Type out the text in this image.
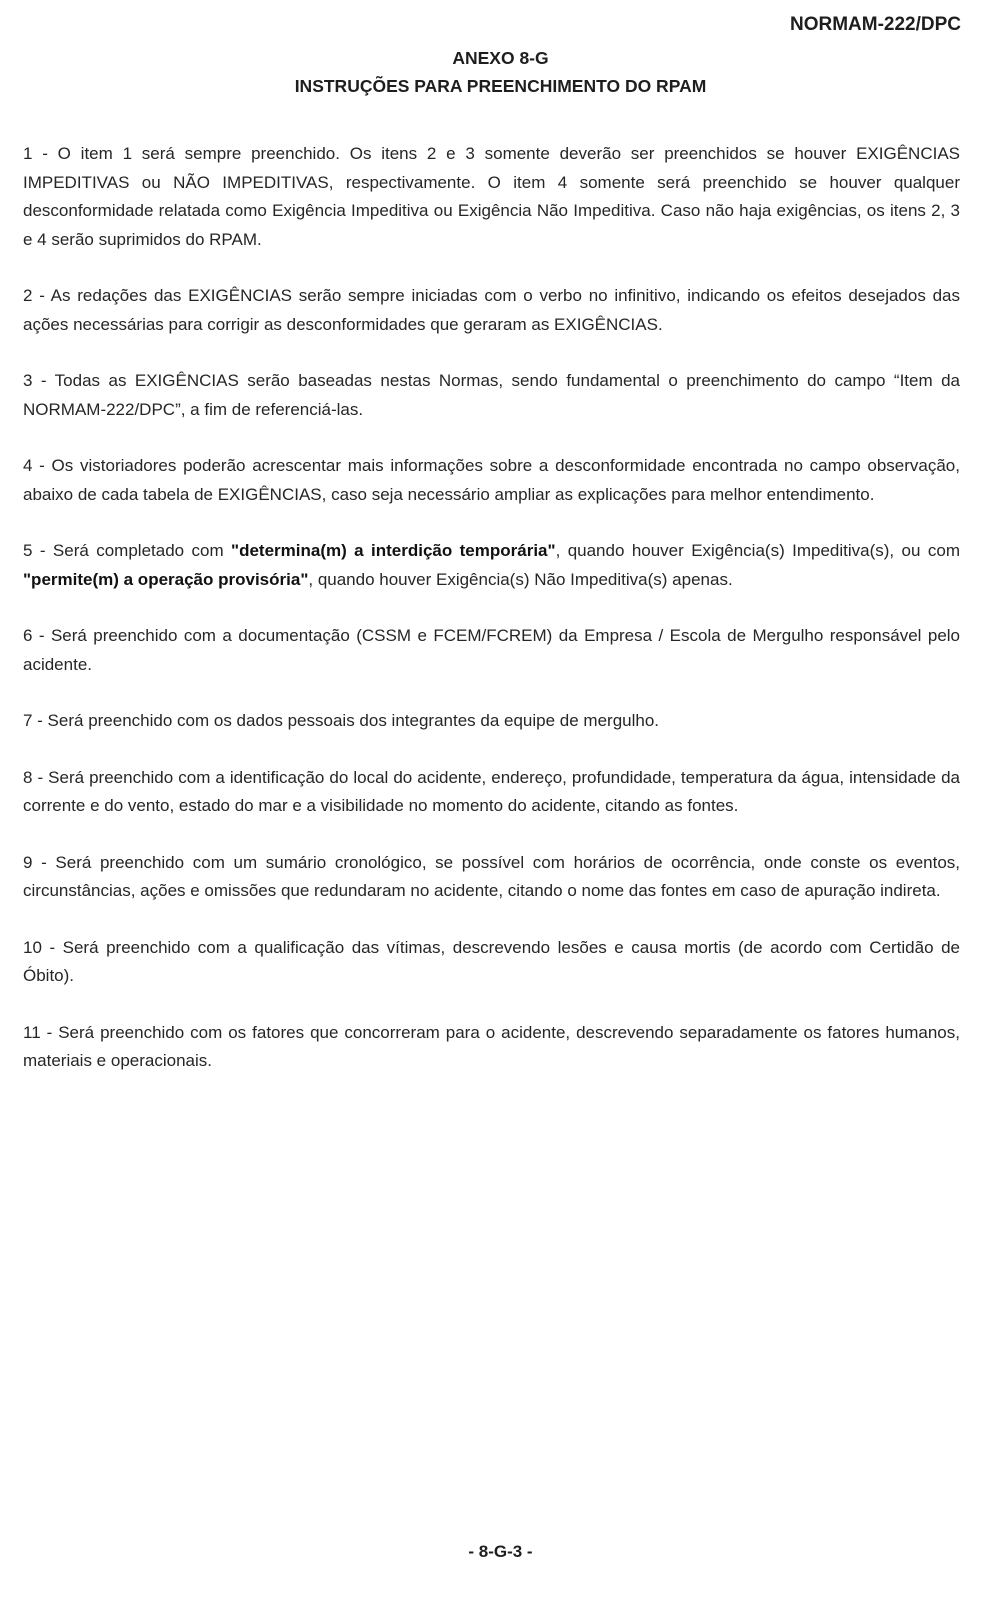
NORMAM-222/DPC
ANEXO 8-G
INSTRUÇÕES PARA PREENCHIMENTO DO RPAM

1 - O item 1 será sempre preenchido. Os itens 2 e 3 somente deverão ser preenchidos se houver EXIGÊNCIAS IMPEDITIVAS ou NÃO IMPEDITIVAS, respectivamente. O item 4 somente será preenchido se houver qualquer desconformidade relatada como Exigência Impeditiva ou Exigência Não Impeditiva. Caso não haja exigências, os itens 2, 3 e 4 serão suprimidos do RPAM.

2 - As redações das EXIGÊNCIAS serão sempre iniciadas com o verbo no infinitivo, indicando os efeitos desejados das ações necessárias para corrigir as desconformidades que geraram as EXIGÊNCIAS.

3 - Todas as EXIGÊNCIAS serão baseadas nestas Normas, sendo fundamental o preenchimento do campo “Item da NORMAM-222/DPC”, a fim de referenciá-las.

4 - Os vistoriadores poderão acrescentar mais informações sobre a desconformidade encontrada no campo observação, abaixo de cada tabela de EXIGÊNCIAS, caso seja necessário ampliar as explicações para melhor entendimento.

5 - Será completado com "determina(m) a interdição temporária", quando houver Exigência(s) Impeditiva(s), ou com "permite(m) a operação provisória", quando houver Exigência(s) Não Impeditiva(s) apenas.

6 - Será preenchido com a documentação (CSSM e FCEM/FCREM) da Empresa / Escola de Mergulho responsável pelo acidente.

7 - Será preenchido com os dados pessoais dos integrantes da equipe de mergulho.

8 - Será preenchido com a identificação do local do acidente, endereço, profundidade, temperatura da água, intensidade da corrente e do vento, estado do mar e a visibilidade no momento do acidente, citando as fontes.

9 - Será preenchido com um sumário cronológico, se possível com horários de ocorrência, onde conste os eventos, circunstâncias, ações e omissões que redundaram no acidente, citando o nome das fontes em caso de apuração indireta.

10 - Será preenchido com a qualificação das vítimas, descrevendo lesões e causa mortis (de acordo com Certidão de Óbito).

11 - Será preenchido com os fatores que concorreram para o acidente, descrevendo separadamente os fatores humanos, materiais e operacionais.

- 8-G-3 -
